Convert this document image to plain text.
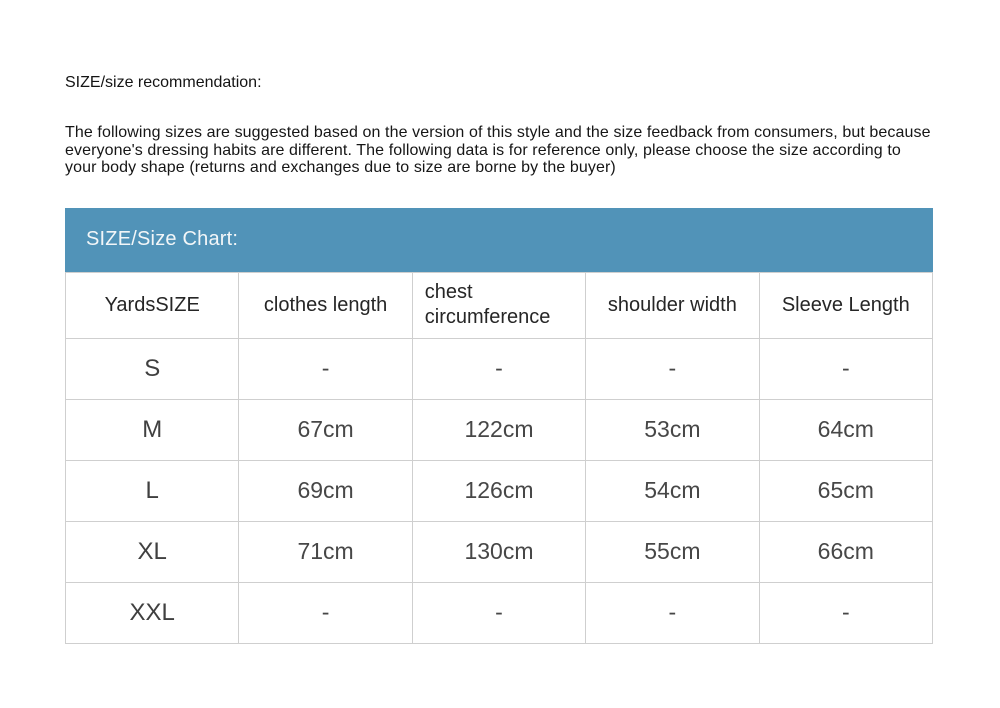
SIZE/size recommendation:

The following sizes are suggested based on the version of this style and the size feedback from consumers, but because everyone's dressing habits are different. The following data is for reference only, please choose the size according to your body shape (returns and exchanges due to size are borne by the buyer)

SIZE/Size Chart:
YardsSIZE	clothes length	chest circumference	shoulder width	Sleeve Length
S	-	-	-	-
M	67cm	122cm	53cm	64cm
L	69cm	126cm	54cm	65cm
XL	71cm	130cm	55cm	66cm
XXL	-	-	-	-
